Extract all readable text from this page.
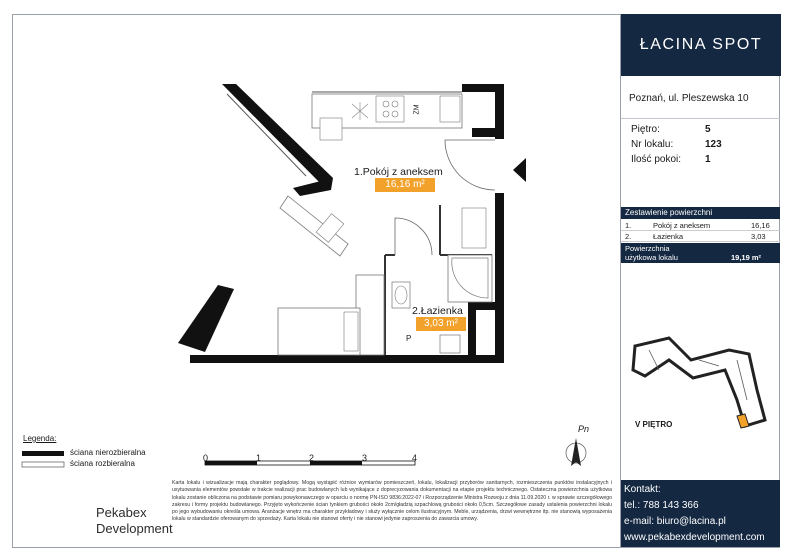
1.Pokój z aneksem
16,16 m²
2.Łazienka
3,03 m²
ZM
P
Pn
Legenda:
ściana nierozbieralna
ściana rozbieralna
0	1	2	3	4
Pekabex
Development
Karta lokalu i wizualizacje mają charakter poglądowy. Mogą wystąpić różnice wymiarów pomieszczeń, lokalu, lokalizacji przyborów sanitarnych, rozmieszczenia punktów instalacyjnych i usytuowania elementów powstałe w trakcie realizacji prac budowlanych lub wynikające z doprecyzowania dokumentacji na etapie projektu technicznego. Ostateczna powierzchnia użytkowa lokalu zostanie obliczona na podstawie pomiaru powykonawczego w oparciu o normę PN-ISO 9836:2022-07 i Rozporządzenie Ministra Rozwoju z dnia 11.09.2020 r. w sprawie szczegółowego zakresu i formy projektu budowlanego. Przyjęto wykończenie ścian tynkiem grubości około 2cm/gładzią szpachlową grubości około 0,5cm. Szczegółowe zasady ustalenia powierzchni lokalu po jego wybudowaniu określa umowa. Aranżacje wnętrz ma charakter przykładowy i służy wyłącznie celom ilustracyjnym. Meble, urządzenia, drzwi wewnętrzne itp. nie stanowią wyposażenia lokalu w standardzie oferowanym do sprzedaży. Karta lokalu nie stanowi oferty i nie stanowi jedynie zaproszenia do zawarcia umowy.
ŁACINA SPOT
Poznań, ul. Pleszewska 10
Piętro:	5
Nr lokalu:	123
Ilość pokoi: 1
Zestawienie powierzchni
1.	Pokój z aneksem	16,16
2.	Łazienka	3,03
Powierzchnia
użytkowa lokalu	19,19 m²
V PIĘTRO
Kontakt:
tel.: 788 143 366
e-mail: biuro@lacina.pl
www.pekabexdevelopment.com
